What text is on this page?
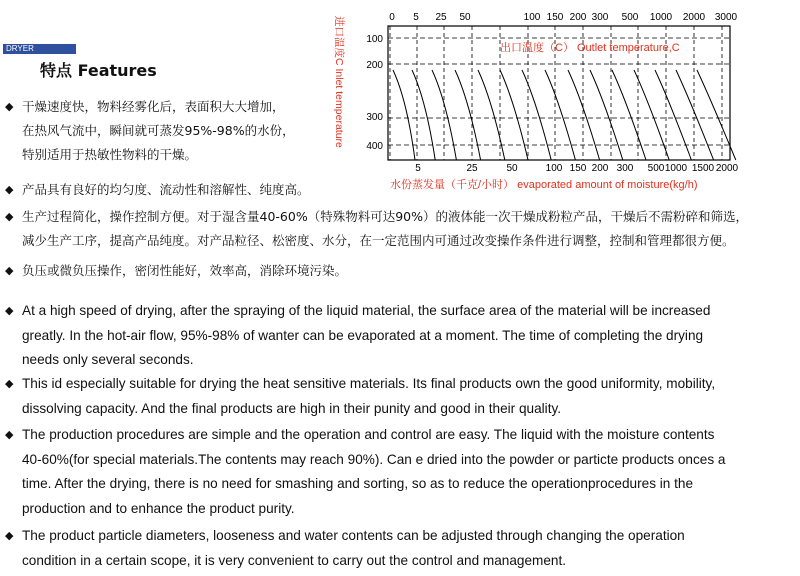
DRYER
特点 Features
0 5 25 50	100 150 200 300 500 1000 2000 3000
5	25	50	100 150 200 300 500 1000 1500 2000
100
200
300
400
出口温度（C） Outlet temperature,C
水份蒸发量（千克/小时） evaporated amount of moisture(kg/h)
进口温度C Inlet temperature
◆ 干燥速度快，物料经雾化后，表面积大大增加，
在热风气流中，瞬间就可蒸发95%-98%的水份，
特别适用于热敏性物料的干燥。
◆ 产品具有良好的均匀度、流动性和溶解性、纯度高。
◆ 生产过程简化，操作控制方便。对于湿含量40-60%（特殊物料可达90%）的液体能一次干燥成粉粒产品，干燥后不需粉碎和筛选，
减少生产工序，提高产品纯度。对产品粒径、松密度、水分，在一定范围内可通过改变操作条件进行调整，控制和管理都很方便。
◆ 负压或微负压操作，密闭性能好，效率高，消除环境污染。
◆ At a high speed of drying, after the spraying of the liquid material, the surface area of the material will be increased
greatly. In the hot-air flow, 95%-98% of wanter can be evaporated at a moment. The time of completing the drying
needs only several seconds.
◆ This id especially suitable for drying the heat sensitive materials. Its final products own the good uniformity, mobility,
dissolving capacity. And the final products are high in their punity and good in their quality.
◆ The production procedures are simple and the operation and control are easy. The liquid with the moisture contents
40-60%(for special materials.The contents may reach 90%). Can e dried into the powder or particte products onces a
time. After the drying, there is no need for smashing and sorting, so as to reduce the operationprocedures in the
production and to enhance the product purity.
◆ The product particle diameters, looseness and water contents can be adjusted through changing the operation
condition in a certain scope, it is very convenient to carry out the control and management.
